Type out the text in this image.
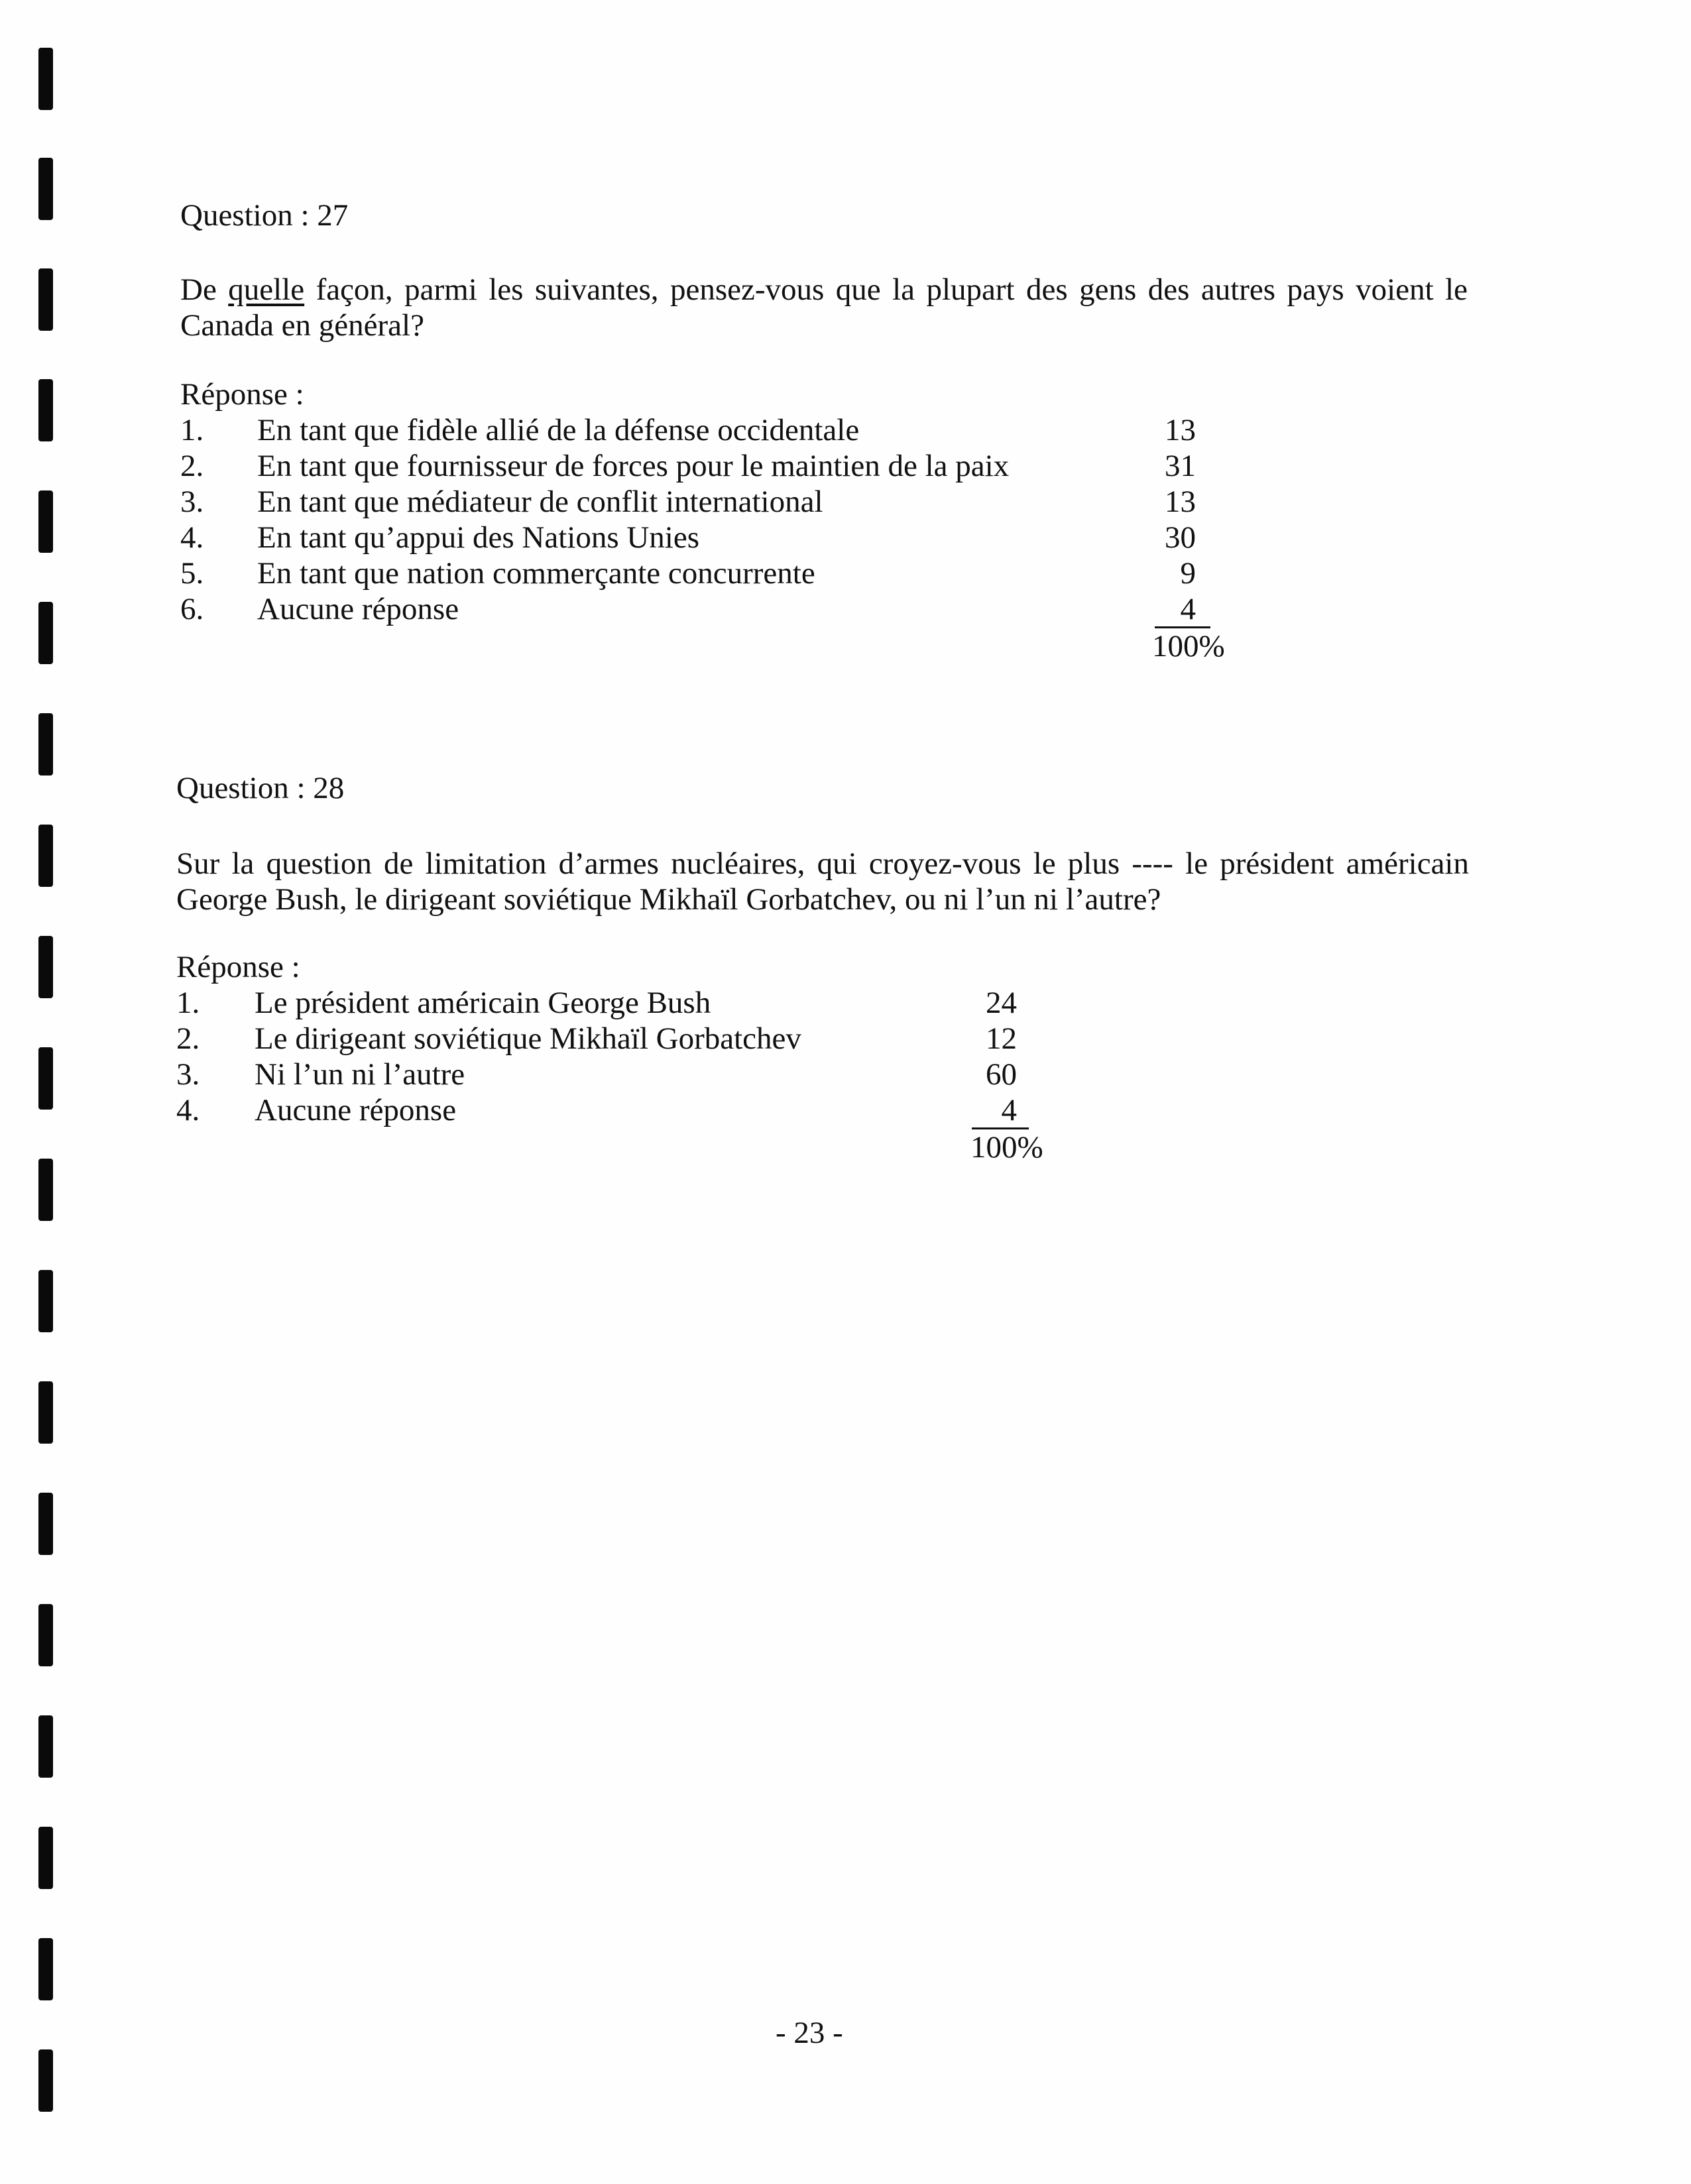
Question : 27
De quelle façon, parmi les suivantes, pensez-vous que la plupart des gens des autres pays voient le Canada en général?
Réponse :
1. En tant que fidèle allié de la défense occidentale	13
2. En tant que fournisseur de forces pour le maintien de la paix	31
3. En tant que médiateur de conflit international	13
4. En tant qu’appui des Nations Unies	30
5. En tant que nation commerçante concurrente	9
6. Aucune réponse	4
100%
Question : 28
Sur la question de limitation d’armes nucléaires, qui croyez-vous le plus ---- le président américain George Bush, le dirigeant soviétique Mikhaïl Gorbatchev, ou ni l’un ni l’autre?
Réponse :
1. Le président américain George Bush	24
2. Le dirigeant soviétique Mikhaïl Gorbatchev	12
3. Ni l’un ni l’autre	60
4. Aucune réponse	4
100%
- 23 -
